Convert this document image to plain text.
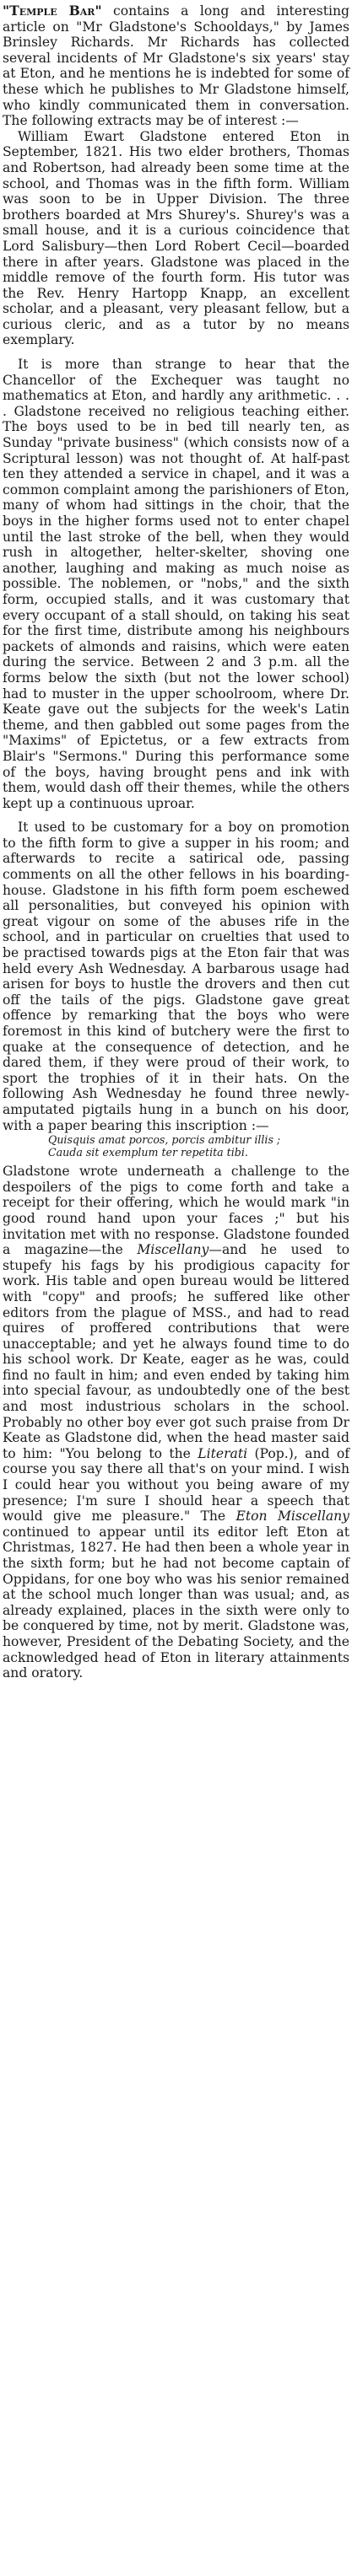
"Temple Bar" contains a long and interesting article on "Mr Gladstone's Schooldays," by James Brinsley Richards. Mr Richards has collected several incidents of Mr Gladstone's six years' stay at Eton, and he mentions he is indebted for some of these which he publishes to Mr Gladstone himself, who kindly communicated them in conversation. The following extracts may be of interest :—

William Ewart Gladstone entered Eton in September, 1821. His two elder brothers, Thomas and Robertson, had already been some time at the school, and Thomas was in the fifth form. William was soon to be in Upper Division. The three brothers boarded at Mrs Shurey's. Shurey's was a small house, and it is a curious coincidence that Lord Salisbury—then Lord Robert Cecil—boarded there in after years. Gladstone was placed in the middle remove of the fourth form. His tutor was the Rev. Henry Hartopp Knapp, an excellent scholar, and a pleasant, very pleasant fellow, but a curious cleric, and as a tutor by no means exemplary.

It is more than strange to hear that the Chancellor of the Exchequer was taught no mathematics at Eton, and hardly any arithmetic. . . . Gladstone received no religious teaching either. The boys used to be in bed till nearly ten, as Sunday "private business" (which consists now of a Scriptural lesson) was not thought of. At half-past ten they attended a service in chapel, and it was a common complaint among the parishioners of Eton, many of whom had sittings in the choir, that the boys in the higher forms used not to enter chapel until the last stroke of the bell, when they would rush in altogether, helter-skelter, shoving one another, laughing and making as much noise as possible. The noblemen, or "nobs," and the sixth form, occupied stalls, and it was customary that every occupant of a stall should, on taking his seat for the first time, distribute among his neighbours packets of almonds and raisins, which were eaten during the service. Between 2 and 3 p.m. all the forms below the sixth (but not the lower school) had to muster in the upper schoolroom, where Dr. Keate gave out the subjects for the week's Latin theme, and then gabbled out some pages from the "Maxims" of Epictetus, or a few extracts from Blair's "Sermons." During this performance some of the boys, having brought pens and ink with them, would dash off their themes, while the others kept up a continuous uproar.

It used to be customary for a boy on promotion to the fifth form to give a supper in his room; and afterwards to recite a satirical ode, passing comments on all the other fellows in his boarding-house. Gladstone in his fifth form poem eschewed all personalities, but conveyed his opinion with great vigour on some of the abuses rife in the school, and in particular on cruelties that used to be practised towards pigs at the Eton fair that was held every Ash Wednesday. A barbarous usage had arisen for boys to hustle the drovers and then cut off the tails of the pigs. Gladstone gave great offence by remarking that the boys who were foremost in this kind of butchery were the first to quake at the consequence of detection, and he dared them, if they were proud of their work, to sport the trophies of it in their hats. On the following Ash Wednesday he found three newly-amputated pigtails hung in a bunch on his door, with a paper bearing this inscription :—

Quisquis amat porcos, porcis ambitur illis ;
Cauda sit exemplum ter repetita tibi.

Gladstone wrote underneath a challenge to the despoilers of the pigs to come forth and take a receipt for their offering, which he would mark "in good round hand upon your faces ;" but his invitation met with no response. Gladstone founded a magazine—the Miscellany—and he used to stupefy his fags by his prodigious capacity for work. His table and open bureau would be littered with "copy" and proofs; he suffered like other editors from the plague of MSS., and had to read quires of proffered contributions that were unacceptable; and yet he always found time to do his school work. Dr Keate, eager as he was, could find no fault in him; and even ended by taking him into special favour, as undoubtedly one of the best and most industrious scholars in the school. Probably no other boy ever got such praise from Dr Keate as Gladstone did, when the head master said to him: "You belong to the Literati (Pop.), and of course you say there all that's on your mind. I wish I could hear you without you being aware of my presence; I'm sure I should hear a speech that would give me pleasure." The Eton Miscellany continued to appear until its editor left Eton at Christmas, 1827. He had then been a whole year in the sixth form; but he had not become captain of Oppidans, for one boy who was his senior remained at the school much longer than was usual; and, as already explained, places in the sixth were only to be conquered by time, not by merit. Gladstone was, however, President of the Debating Society, and the acknowledged head of Eton in literary attainments and oratory.
